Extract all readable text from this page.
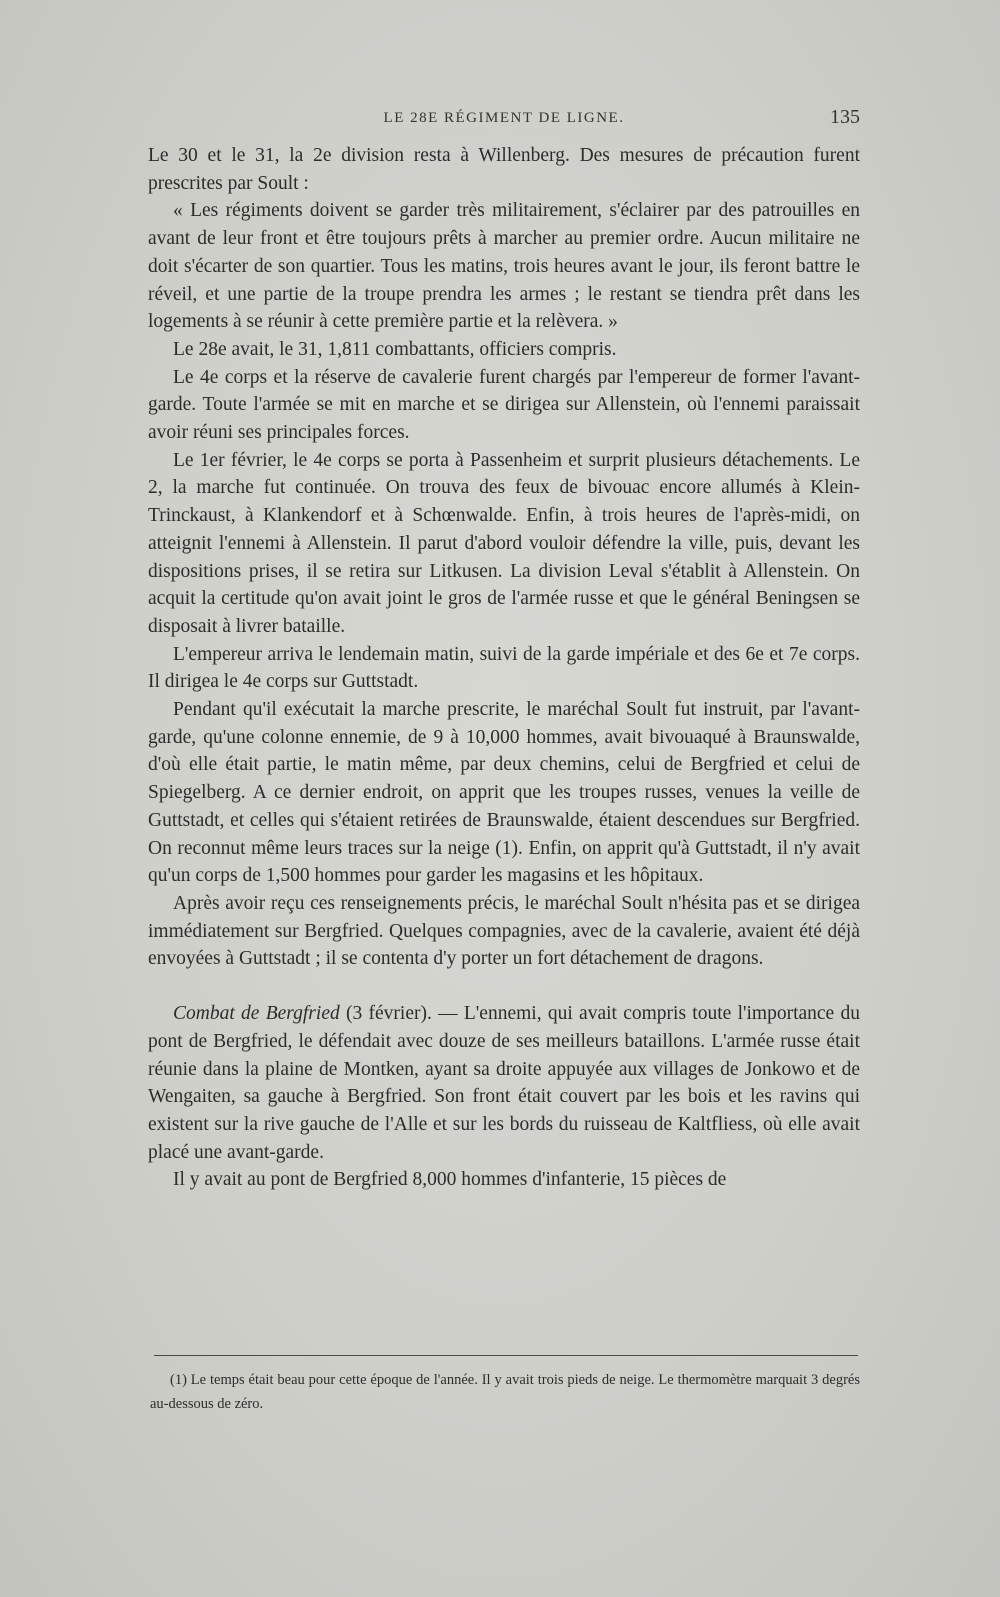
LE 28E RÉGIMENT DE LIGNE.	135

Le 30 et le 31, la 2e division resta à Willenberg. Des mesures de précaution furent prescrites par Soult :

« Les régiments doivent se garder très militairement, s'éclairer par des patrouilles en avant de leur front et être toujours prêts à marcher au premier ordre. Aucun militaire ne doit s'écarter de son quartier. Tous les matins, trois heures avant le jour, ils feront battre le réveil, et une partie de la troupe prendra les armes ; le restant se tiendra prêt dans les logements à se réunir à cette première partie et la relèvera. »

Le 28e avait, le 31, 1,811 combattants, officiers compris.

Le 4e corps et la réserve de cavalerie furent chargés par l'empereur de former l'avant-garde. Toute l'armée se mit en marche et se dirigea sur Allenstein, où l'ennemi paraissait avoir réuni ses principales forces.

Le 1er février, le 4e corps se porta à Passenheim et surprit plusieurs détachements. Le 2, la marche fut continuée. On trouva des feux de bivouac encore allumés à Klein-Trinckaust, à Klankendorf et à Schœnwalde. Enfin, à trois heures de l'après-midi, on atteignit l'ennemi à Allenstein. Il parut d'abord vouloir défendre la ville, puis, devant les dispositions prises, il se retira sur Litkusen. La division Leval s'établit à Allenstein. On acquit la certitude qu'on avait joint le gros de l'armée russe et que le général Beningsen se disposait à livrer bataille.

L'empereur arriva le lendemain matin, suivi de la garde impériale et des 6e et 7e corps. Il dirigea le 4e corps sur Guttstadt.

Pendant qu'il exécutait la marche prescrite, le maréchal Soult fut instruit, par l'avant-garde, qu'une colonne ennemie, de 9 à 10,000 hommes, avait bivouaqué à Braunswalde, d'où elle était partie, le matin même, par deux chemins, celui de Bergfried et celui de Spiegelberg. A ce dernier endroit, on apprit que les troupes russes, venues la veille de Guttstadt, et celles qui s'étaient retirées de Braunswalde, étaient descendues sur Bergfried. On reconnut même leurs traces sur la neige (1). Enfin, on apprit qu'à Guttstadt, il n'y avait qu'un corps de 1,500 hommes pour garder les magasins et les hôpitaux.

Après avoir reçu ces renseignements précis, le maréchal Soult n'hésita pas et se dirigea immédiatement sur Bergfried. Quelques compagnies, avec de la cavalerie, avaient été déjà envoyées à Guttstadt ; il se contenta d'y porter un fort détachement de dragons.

Combat de Bergfried (3 février). — L'ennemi, qui avait compris toute l'importance du pont de Bergfried, le défendait avec douze de ses meilleurs bataillons. L'armée russe était réunie dans la plaine de Montken, ayant sa droite appuyée aux villages de Jonkowo et de Wengaiten, sa gauche à Bergfried. Son front était couvert par les bois et les ravins qui existent sur la rive gauche de l'Alle et sur les bords du ruisseau de Kaltfliess, où elle avait placé une avant-garde.

Il y avait au pont de Bergfried 8,000 hommes d'infanterie, 15 pièces de

(1) Le temps était beau pour cette époque de l'année. Il y avait trois pieds de neige. Le thermomètre marquait 3 degrés au-dessous de zéro.
